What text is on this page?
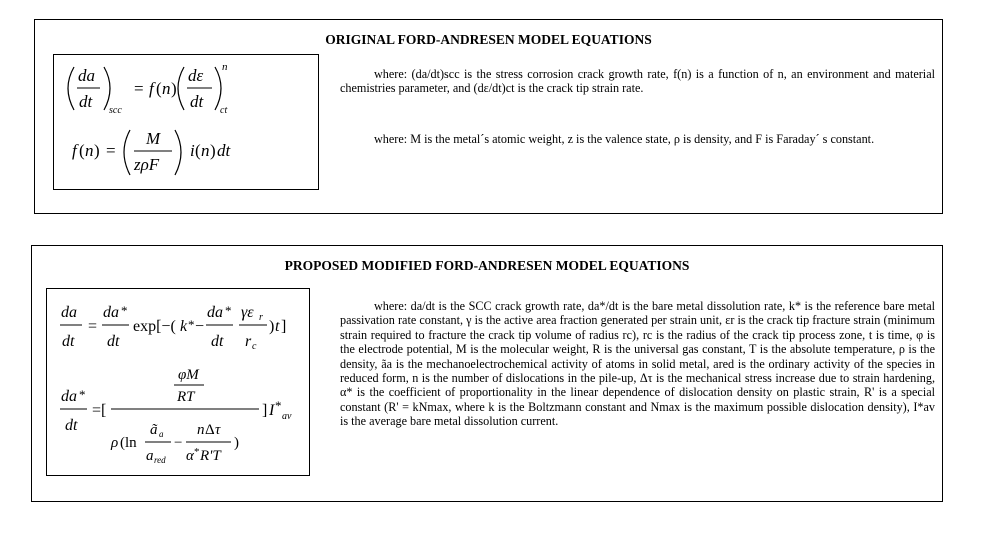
ORIGINAL FORD-ANDRESEN MODEL EQUATIONS
da
dt scc
= f ( n )
dε
dt
n
ct
f ( n ) =
M
zρF
i ( n ) dt

where: (da/dt)scc is the stress corrosion crack growth rate, f(n) is a function of n, an environment and material chemistries parameter, and (dε/dt)ct is the crack tip strain rate.

where: M is the metal´s atomic weight, z is the valence state, ρ is density, and F is Faraday´ s constant.

PROPOSED MODIFIED FORD-ANDRESEN MODEL EQUATIONS
da
dt
=
da *
dt
exp[−( k * −
da *
dt
γε r
r c
) t ]
da *
dt
=[
φM
RT
ρ (ln
ã a
a red
−
n Δ τ
α * R'T
)
] I *
av

where: da/dt is the SCC crack growth rate, da*/dt is the bare metal dissolution rate, k* is the reference bare metal passivation rate constant, γ is the active area fraction generated per strain unit, εr is the crack tip fracture strain (minimum strain required to fracture the crack tip volume of radius rc), rc is the radius of the crack tip process zone, t is time, φ is the electrode potential, M is the molecular weight, R is the universal gas constant, T is the absolute temperature, ρ is the density, ãa is the mechanoelectrochemical activity of atoms in solid metal, ared is the ordinary activity of the species in reduced form, n is the number of dislocations in the pile-up, Δτ is the mechanical stress increase due to strain hardening, α* is the coefficient of proportionality in the linear dependence of dislocation density on plastic strain, R' is a special constant (R' = kNmax, where k is the Boltzmann constant and Nmax is the maximum possible dislocation density), I*av is the average bare metal dissolution current.
